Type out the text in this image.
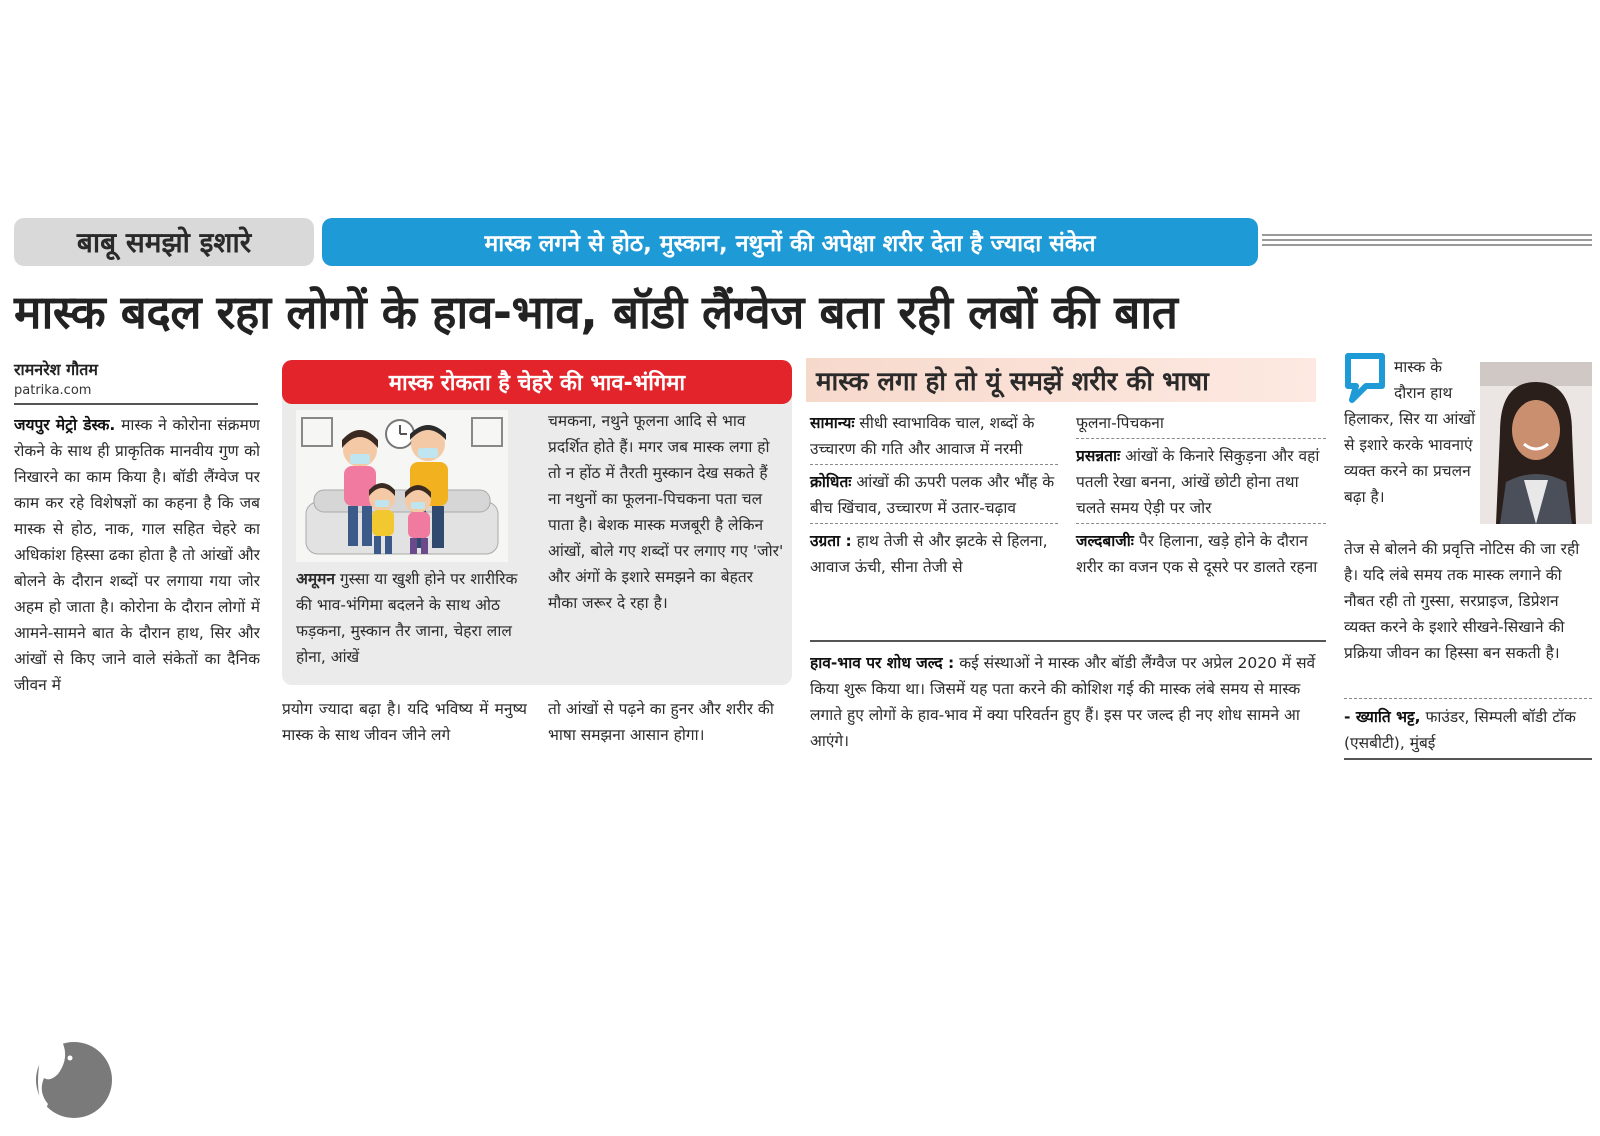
बाबू समझो इशारे	मास्क लगने से होठ, मुस्कान, नथुनों की अपेक्षा शरीर देता है ज्यादा संकेत
मास्क बदल रहा लोगों के हाव-भाव, बॉडी लैंग्वेज बता रही लबों की बात
रामनरेश गौतम
patrika.com
जयपुर मेट्रो डेस्क. मास्क ने कोरोना संक्रमण रोकने के साथ ही प्राकृतिक मानवीय गुण को निखारने का काम किया है। बॉडी लैंग्वेज पर काम कर रहे विशेषज्ञों का कहना है कि जब मास्क से होठ, नाक, गाल सहित चेहरे का अधिकांश हिस्सा ढका होता है तो आंखों और बोलने के दौरान शब्दों पर लगाया गया जोर अहम हो जाता है। कोरोना के दौरान लोगों में आमने-सामने बात के दौरान हाथ, सिर और आंखों से किए जाने वाले संकेतों का दैनिक जीवन में
मास्क रोकता है चेहरे की भाव-भंगिमा
अमूमन गुस्सा या खुशी होने पर शारीरिक की भाव-भंगिमा बदलने के साथ ओठ फड़कना, मुस्कान तैर जाना, चेहरा लाल होना, आंखें
चमकना, नथुने फूलना आदि से भाव प्रदर्शित होते हैं। मगर जब मास्क लगा हो तो न होंठ में तैरती मुस्कान देख सकते हैं ना नथुनों का फूलना-पिचकना पता चल पाता है। बेशक मास्क मजबूरी है लेकिन आंखों, बोले गए शब्दों पर लगाए गए 'जोर' और अंगों के इशारे समझने का बेहतर मौका जरूर दे रहा है।
प्रयोग ज्यादा बढ़ा है। यदि भविष्य में मनुष्य मास्क के साथ जीवन जीने लगे
तो आंखों से पढ़ने का हुनर और शरीर की भाषा समझना आसान होगा।
मास्क लगा हो तो यूं समझें शरीर की भाषा
सामान्यः सीधी स्वाभाविक चाल, शब्दों के उच्चारण की गति और आवाज में नरमी
क्रोधितः आंखों की ऊपरी पलक और भौंह के बीच खिंचाव, उच्चारण में उतार-चढ़ाव
उग्रता : हाथ तेजी से और झटके से हिलना, आवाज ऊंची, सीना तेजी से
फूलना-पिचकना
प्रसन्नताः आंखों के किनारे सिकुड़ना और वहां पतली रेखा बनना, आंखें छोटी होना तथा चलते समय ऐड़ी पर जोर
जल्दबाजीः पैर हिलाना, खड़े होने के दौरान शरीर का वजन एक से दूसरे पर डालते रहना
हाव-भाव पर शोध जल्द : कई संस्थाओं ने मास्क और बॉडी लैंग्वैज पर अप्रेल 2020 में सर्वे किया शुरू किया था। जिसमें यह पता करने की कोशिश गई की मास्क लंबे समय से मास्क लगाते हुए लोगों के हाव-भाव में क्या परिवर्तन हुए हैं। इस पर जल्द ही नए शोध सामने आ आएंगे।
मास्क के दौरान हाथ
हिलाकर, सिर या आंखों से इशारे करके भावनाएं व्यक्त करने का प्रचलन बढ़ा है।
तेज से बोलने की प्रवृत्ति नोटिस की जा रही है। यदि लंबे समय तक मास्क लगाने की नौबत रही तो गुस्सा, सरप्राइज, डिप्रेशन व्यक्त करने के इशारे सीखने-सिखाने की प्रक्रिया जीवन का हिस्सा बन सकती है।
- ख्याति भट्ट, फाउंडर, सिम्पली बॉडी टॉक (एसबीटी), मुंबई
